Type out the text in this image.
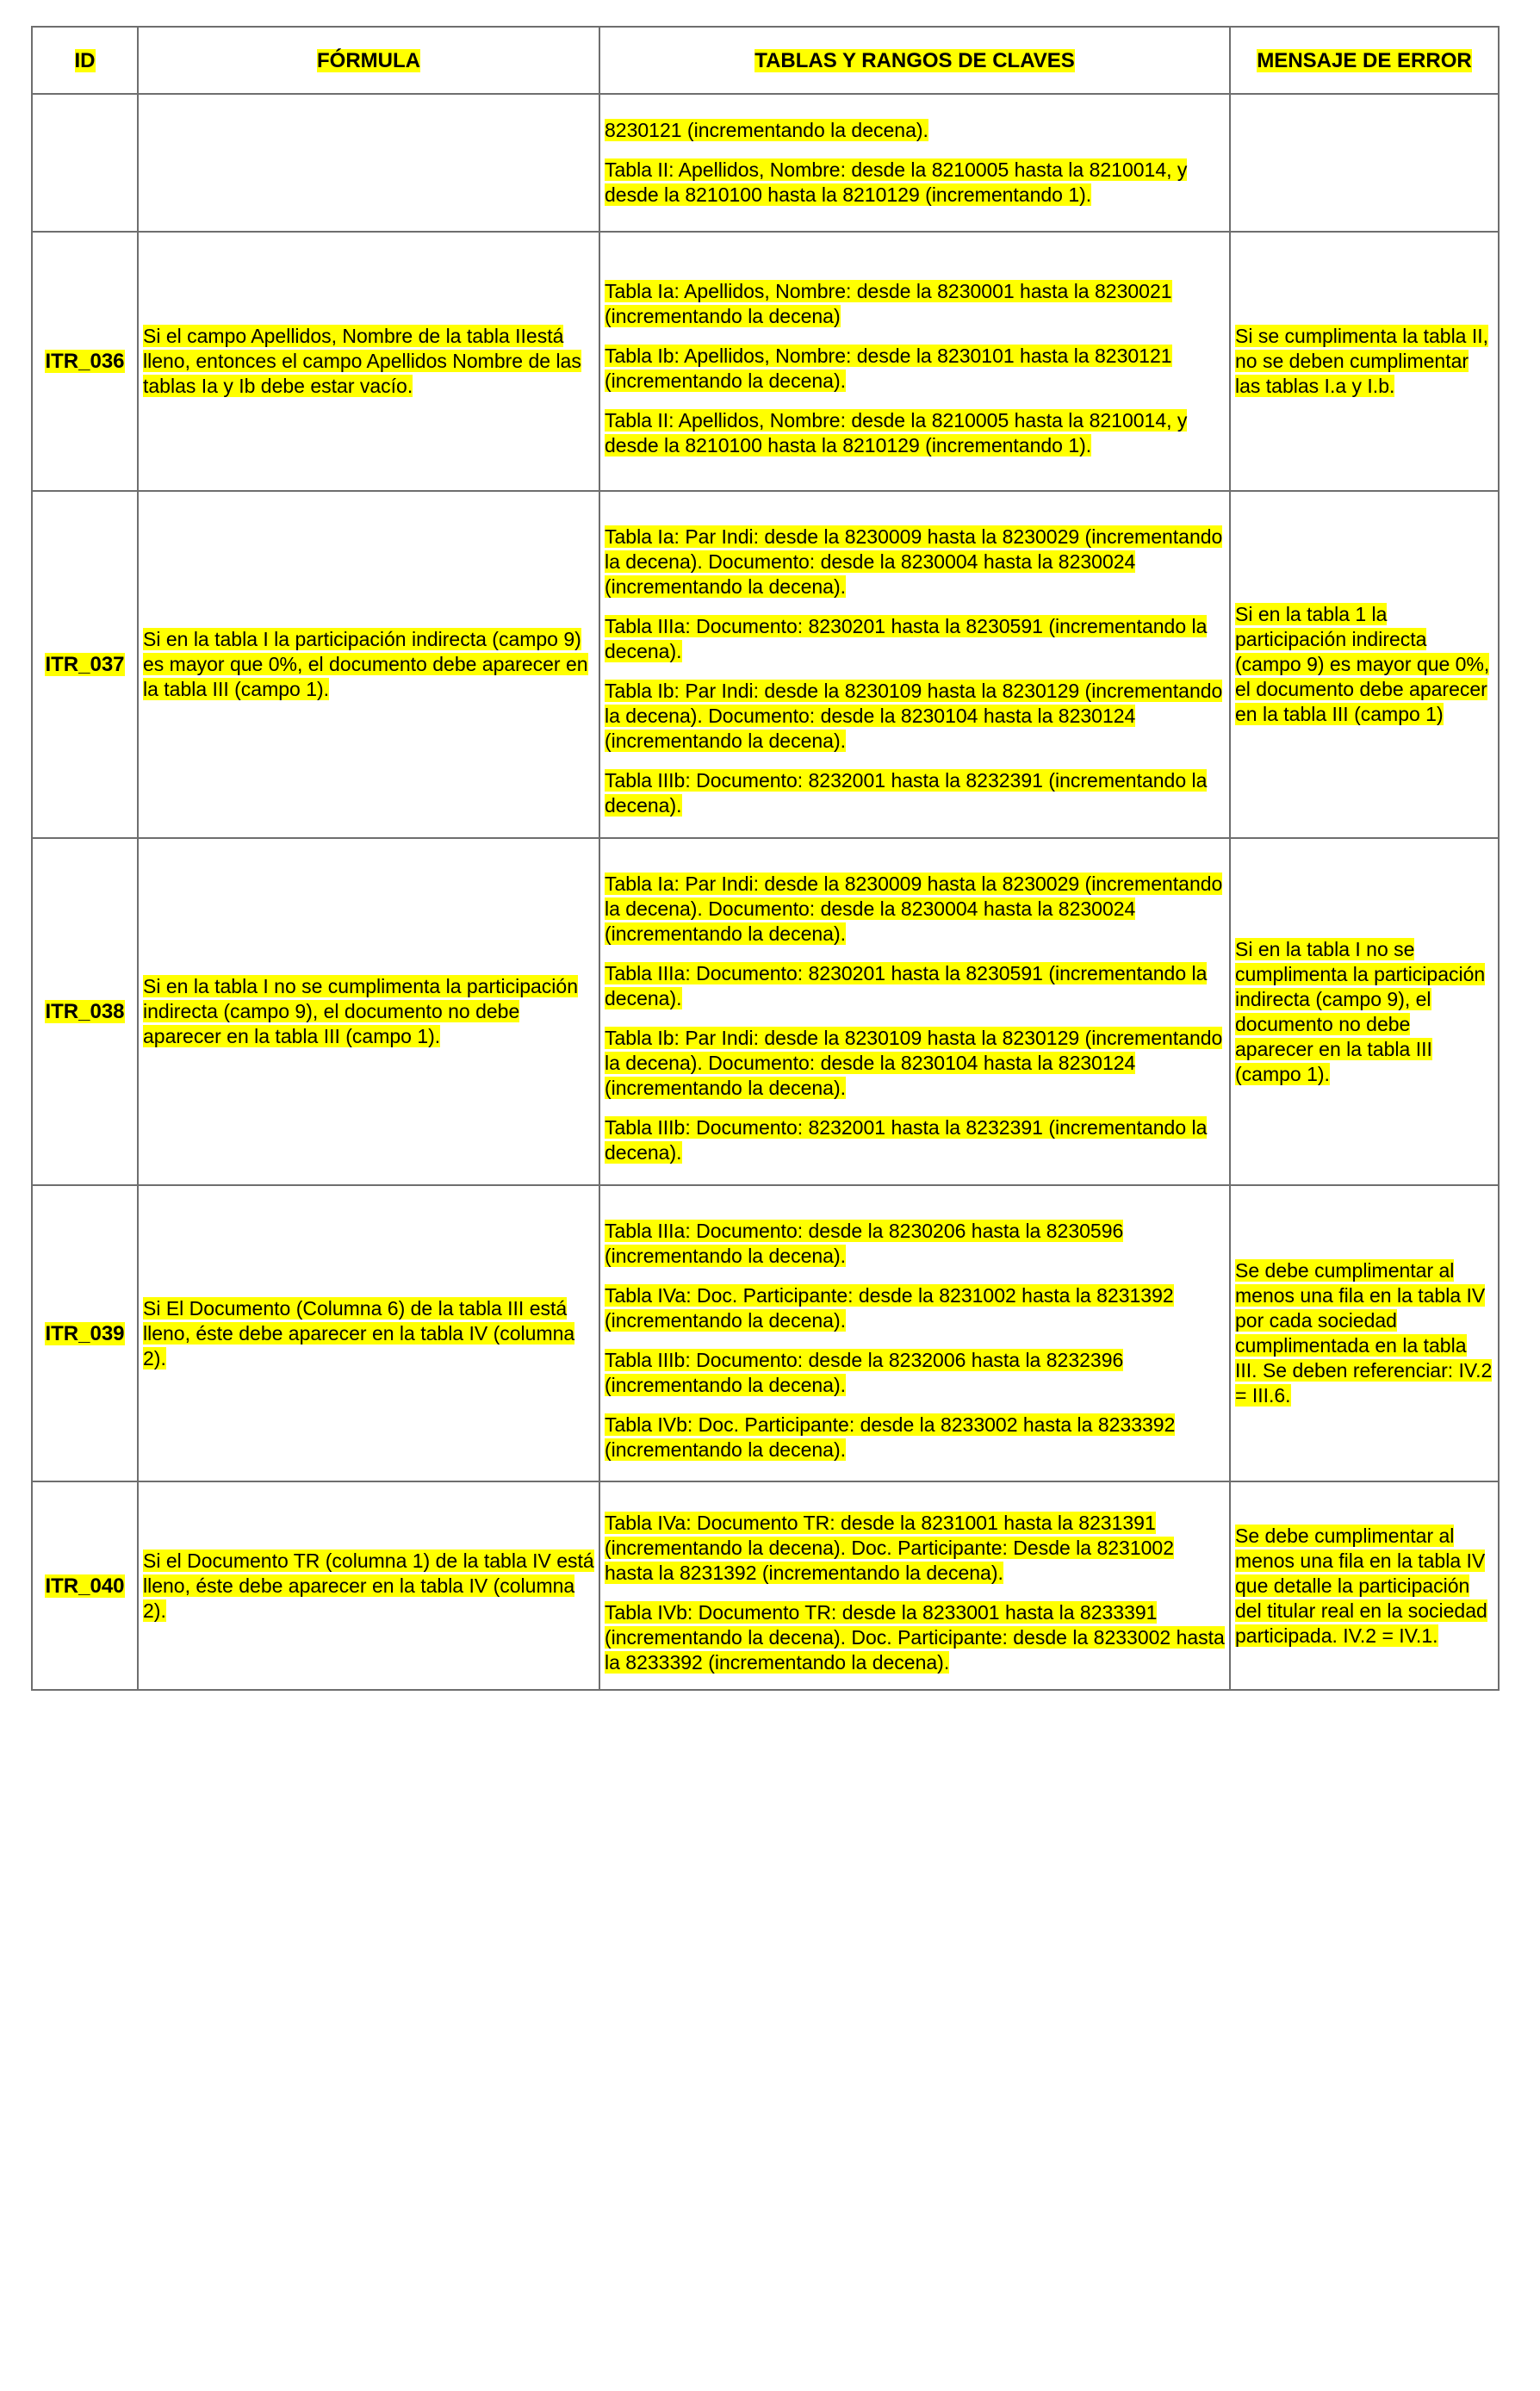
ID	FÓRMULA	TABLAS Y RANGOS DE CLAVES	MENSAJE DE ERROR

		8230121 (incrementando la decena).

Tabla II: Apellidos, Nombre: desde la 8210005 hasta la 8210014, y desde la 8210100 hasta la 8210129 (incrementando 1).	

ITR_036	Si el campo Apellidos, Nombre de la tabla IIestá lleno, entonces el campo Apellidos Nombre de las tablas Ia y Ib debe estar vacío.	Tabla Ia: Apellidos, Nombre: desde la 8230001 hasta la 8230021 (incrementando la decena)

Tabla Ib: Apellidos, Nombre: desde la 8230101 hasta la 8230121 (incrementando la decena).

Tabla II: Apellidos, Nombre: desde la 8210005 hasta la 8210014, y desde la 8210100 hasta la 8210129 (incrementando 1).	Si se cumplimenta la tabla II, no se deben cumplimentar las tablas I.a y I.b.
ITR_037	Si en la tabla I la participación indirecta (campo 9) es mayor que 0%, el documento debe aparecer en la tabla III (campo 1).	Tabla Ia: Par Indi: desde la 8230009 hasta la 8230029 (incrementando la decena). Documento: desde la 8230004 hasta la 8230024 (incrementando la decena).

Tabla IIIa: Documento: 8230201 hasta la 8230591 (incrementando la decena).

Tabla Ib: Par Indi: desde la 8230109 hasta la 8230129 (incrementando la decena). Documento: desde la 8230104 hasta la 8230124 (incrementando la decena).

Tabla IIIb: Documento: 8232001 hasta la 8232391 (incrementando la decena).	Si en la tabla 1 la participación indirecta (campo 9) es mayor que 0%, el documento debe aparecer en la tabla III (campo 1)
ITR_038	Si en la tabla I no se cumplimenta la participación indirecta (campo 9), el documento no debe aparecer en la tabla III (campo 1).	Tabla Ia: Par Indi: desde la 8230009 hasta la 8230029 (incrementando la decena). Documento: desde la 8230004 hasta la 8230024 (incrementando la decena).

Tabla IIIa: Documento: 8230201 hasta la 8230591 (incrementando la decena).

Tabla Ib: Par Indi: desde la 8230109 hasta la 8230129 (incrementando la decena). Documento: desde la 8230104 hasta la 8230124 (incrementando la decena).

Tabla IIIb: Documento: 8232001 hasta la 8232391 (incrementando la decena).	Si en la tabla I no se cumplimenta la participación indirecta (campo 9), el documento no debe aparecer en la tabla III (campo 1).
ITR_039	Si El Documento (Columna 6) de la tabla III está lleno, éste debe aparecer en la tabla IV (columna 2).	Tabla IIIa: Documento: desde la 8230206 hasta la 8230596 (incrementando la decena).

Tabla IVa: Doc. Participante: desde la 8231002 hasta la 8231392 (incrementando la decena).

Tabla IIIb: Documento: desde la 8232006 hasta la 8232396 (incrementando la decena).

Tabla IVb: Doc. Participante: desde la 8233002 hasta la 8233392 (incrementando la decena).	Se debe cumplimentar al menos una fila en la tabla IV por cada sociedad cumplimentada en la tabla III. Se deben referenciar: IV.2 = III.6.
ITR_040	Si el Documento TR (columna 1) de la tabla IV está lleno, éste debe aparecer en la tabla IV (columna 2).	Tabla IVa: Documento TR: desde la 8231001 hasta la 8231391 (incrementando la decena). Doc. Participante: Desde la 8231002 hasta la 8231392 (incrementando la decena).

Tabla IVb: Documento TR: desde la 8233001 hasta la 8233391 (incrementando la decena). Doc. Participante: desde la 8233002 hasta la 8233392 (incrementando la decena).	Se debe cumplimentar al menos una fila en la tabla IV que detalle la participación del titular real en la sociedad participada. IV.2 = IV.1.
